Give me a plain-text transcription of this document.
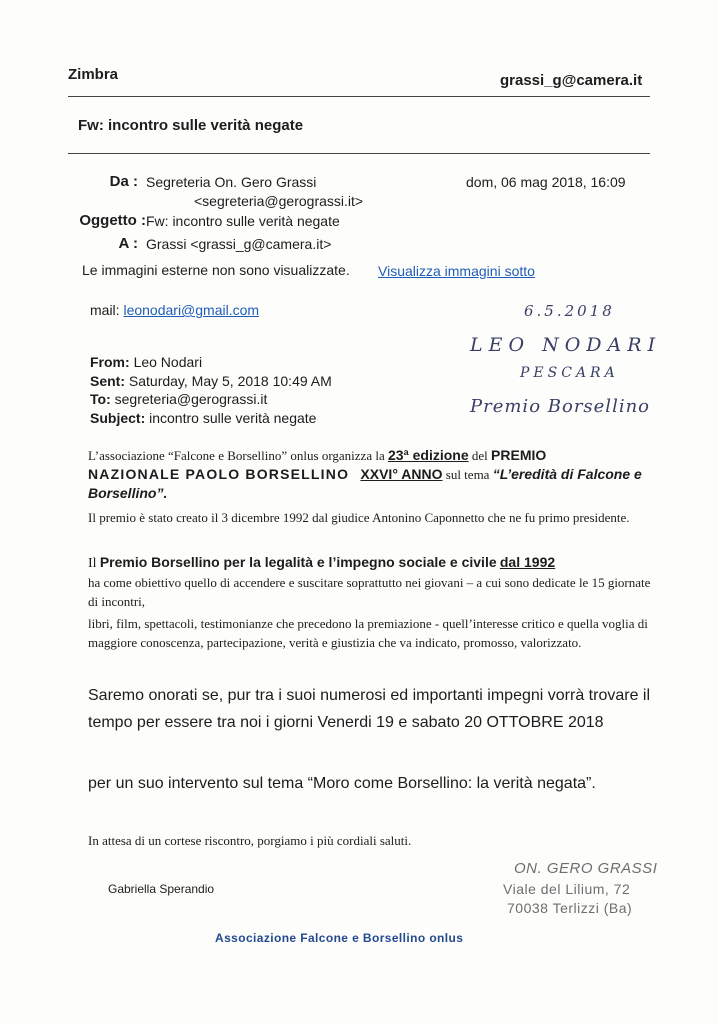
Zimbra	grassi_g@camera.it
Fw: incontro sulle verità negate
Da : Segreteria On. Gero Grassi
<segreteria@gerograssi.it>
dom, 06 mag 2018, 16:09
Oggetto : Fw: incontro sulle verità negate
A : Grassi <grassi_g@camera.it>
Le immagini esterne non sono visualizzate. Visualizza immagini sotto
mail: leonodari@gmail.com	6.5.2018
LEO NODARI
PESCARA
Premio Borsellino
From: Leo Nodari
Sent: Saturday, May 5, 2018 10:49 AM
To: segreteria@gerograssi.it
Subject: incontro sulle verità negate
L’associazione “Falcone e Borsellino” onlus organizza la 23ª edizione del PREMIO
NAZIONALE PAOLO BORSELLINO XXVI° ANNO sul tema “L’eredità di Falcone e Borsellino”.
Il premio è stato creato il 3 dicembre 1992 dal giudice Antonino Caponnetto che ne fu primo presidente.
Il Premio Borsellino per la legalità e l’impegno sociale e civile dal 1992
ha come obiettivo quello di accendere e suscitare soprattutto nei giovani – a cui sono dedicate le 15 giornate di incontri,
libri, film, spettacoli, testimonianze che precedono la premiazione - quell’interesse critico e quella voglia di maggiore conoscenza, partecipazione, verità e giustizia che va indicato, promosso, valorizzato.
Saremo onorati se, pur tra i suoi numerosi ed importanti impegni vorrà trovare il tempo per essere tra noi i giorni Venerdi 19 e sabato 20 OTTOBRE 2018
per un suo intervento sul tema “Moro come Borsellino: la verità negata”.
In attesa di un cortese riscontro, porgiamo i più cordiali saluti.
Gabriella Sperandio
ON. GERO GRASSI
Viale del Lilium, 72
70038 Terlizzi (Ba)
Associazione Falcone e Borsellino onlus
